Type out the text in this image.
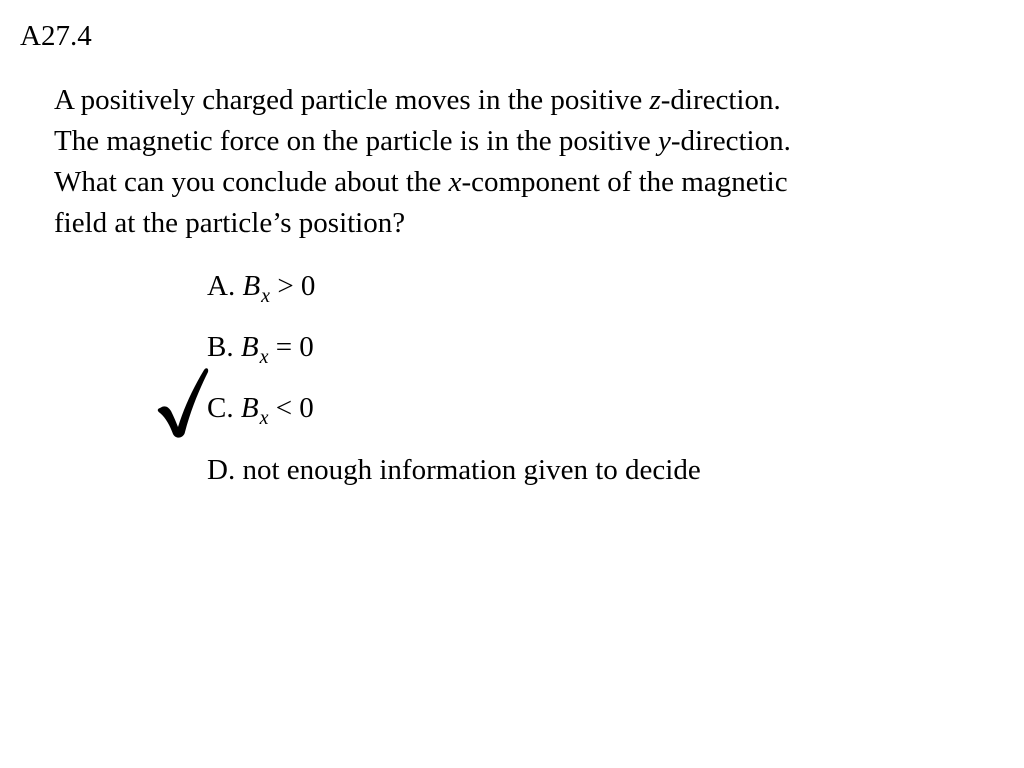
A27.4
A positively charged particle moves in the positive z-direction.
The magnetic force on the particle is in the positive y-direction.
What can you conclude about the x-component of the magnetic
field at the particle’s position?
A. $B_x > 0$
B. $B_x = 0$
C. $B_x < 0$
D. not enough information given to decide
